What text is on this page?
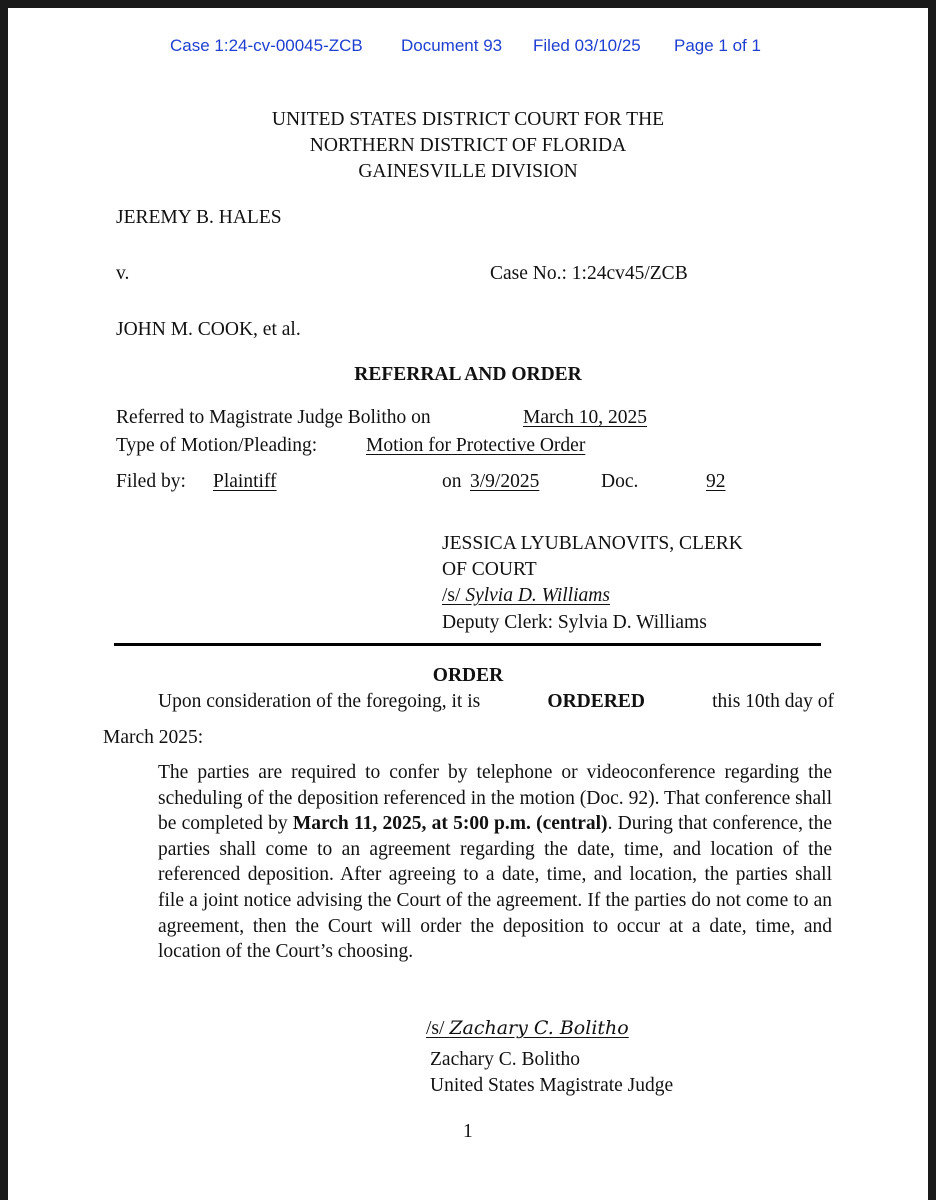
Case 1:24-cv-00045-ZCB Document 93 Filed 03/10/25 Page 1 of 1
UNITED STATES DISTRICT COURT FOR THE
NORTHERN DISTRICT OF FLORIDA
GAINESVILLE DIVISION
JEREMY B. HALES
v.	Case No.: 1:24cv45/ZCB
JOHN M. COOK, et al.
REFERRAL AND ORDER
Referred to Magistrate Judge Bolitho on	March 10, 2025
Type of Motion/Pleading:	Motion for Protective Order
Filed by: Plaintiff	on 3/9/2025	Doc.	92
JESSICA LYUBLANOVITS, CLERK
OF COURT
/s/ Sylvia D. Williams
Deputy Clerk: Sylvia D. Williams
ORDER
Upon consideration of the foregoing, it is	ORDERED	this 10th day of
March 2025:
The parties are required to confer by telephone or videoconference regarding the scheduling of the deposition referenced in the motion (Doc. 92). That conference shall be completed by March 11, 2025, at 5:00 p.m. (central). During that conference, the parties shall come to an agreement regarding the date, time, and location of the referenced deposition. After agreeing to a date, time, and location, the parties shall file a joint notice advising the Court of the agreement. If the parties do not come to an agreement, then the Court will order the deposition to occur at a date, time, and location of the Court’s choosing.
/s/ Zachary C. Bolitho
Zachary C. Bolitho
United States Magistrate Judge
1
